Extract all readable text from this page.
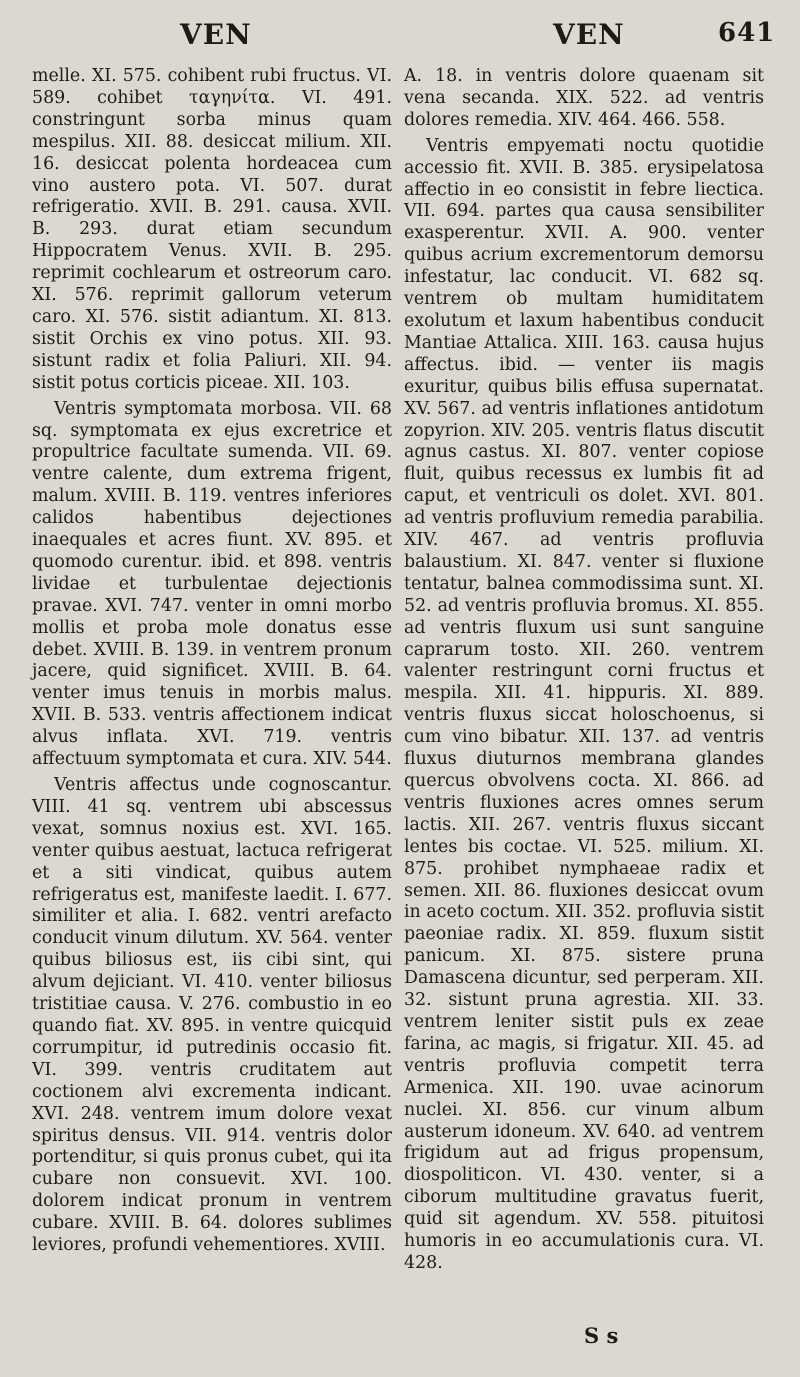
VEN	VEN	641

melle. XI. 575. cohibent rubi fructus. VI. 589. cohibet ταγηνίτα. VI. 491. constringunt sorba minus quam mespilus. XII. 88. desiccat milium. XII. 16. desiccat polenta hordeacea cum vino austero pota. VI. 507. durat refrigeratio. XVII. B. 291. causa. XVII. B. 293. durat etiam secundum Hippocratem Venus. XVII. B. 295. reprimit cochlearum et ostreorum caro. XI. 576. reprimit gallorum veterum caro. XI. 576. sistit adiantum. XI. 813. sistit Orchis ex vino potus. XII. 93. sistunt radix et folia Paliuri. XII. 94. sistit potus corticis piceae. XII. 103.

Ventris symptomata morbosa. VII. 68 sq. symptomata ex ejus excretrice et propultrice facultate sumenda. VII. 69. ventre calente, dum extrema frigent, malum. XVIII. B. 119. ventres inferiores calidos habentibus dejectiones inaequales et acres fiunt. XV. 895. et quomodo curentur. ibid. et 898. ventris lividae et turbulentae dejectionis pravae. XVI. 747. venter in omni morbo mollis et proba mole donatus esse debet. XVIII. B. 139. in ventrem pronum jacere, quid significet. XVIII. B. 64. venter imus tenuis in morbis malus. XVII. B. 533. ventris affectionem indicat alvus inflata. XVI. 719. ventris affectuum symptomata et cura. XIV. 544.

Ventris affectus unde cognoscantur. VIII. 41 sq. ventrem ubi abscessus vexat, somnus noxius est. XVI. 165. venter quibus aestuat, lactuca refrigerat et a siti vindicat, quibus autem refrigeratus est, manifeste laedit. I. 677. similiter et alia. I. 682. ventri arefacto conducit vinum dilutum. XV. 564. venter quibus biliosus est, iis cibi sint, qui alvum dejiciant. VI. 410. venter biliosus tristitiae causa. V. 276. combustio in eo quando fiat. XV. 895. in ventre quicquid corrumpitur, id putredinis occasio fit. VI. 399. ventris cruditatem aut coctionem alvi excrementa indicant. XVI. 248. ventrem imum dolore vexat spiritus densus. VII. 914. ventris dolor portenditur, si quis pronus cubet, qui ita cubare non consuevit. XVI. 100. dolorem indicat pronum in ventrem cubare. XVIII. B. 64. dolores sublimes leviores, profundi vehementiores. XVIII.

A. 18. in ventris dolore quaenam sit vena secanda. XIX. 522. ad ventris dolores remedia. XIV. 464. 466. 558.

Ventris empyemati noctu quotidie accessio fit. XVII. B. 385. erysipelatosa affectio in eo consistit in febre liectica. VII. 694. partes qua causa sensibiliter exasperentur. XVII. A. 900. venter quibus acrium excrementorum demorsu infestatur, lac conducit. VI. 682 sq. ventrem ob multam humiditatem exolutum et laxum habentibus conducit Mantiae Attalica. XIII. 163. causa hujus affectus. ibid. — venter iis magis exuritur, quibus bilis effusa supernatat. XV. 567. ad ventris inflationes antidotum zopyrion. XIV. 205. ventris flatus discutit agnus castus. XI. 807. venter copiose fluit, quibus recessus ex lumbis fit ad caput, et ventriculi os dolet. XVI. 801. ad ventris profluvium remedia parabilia. XIV. 467. ad ventris profluvia balaustium. XI. 847. venter si fluxione tentatur, balnea commodissima sunt. XI. 52. ad ventris profluvia bromus. XI. 855. ad ventris fluxum usi sunt sanguine caprarum tosto. XII. 260. ventrem valenter restringunt corni fructus et mespila. XII. 41. hippuris. XI. 889. ventris fluxus siccat holoschoenus, si cum vino bibatur. XII. 137. ad ventris fluxus diuturnos membrana glandes quercus obvolvens cocta. XI. 866. ad ventris fluxiones acres omnes serum lactis. XII. 267. ventris fluxus siccant lentes bis coctae. VI. 525. milium. XI. 875. prohibet nymphaeae radix et semen. XII. 86. fluxiones desiccat ovum in aceto coctum. XII. 352. profluvia sistit paeoniae radix. XI. 859. fluxum sistit panicum. XI. 875. sistere pruna Damascena dicuntur, sed perperam. XII. 32. sistunt pruna agrestia. XII. 33. ventrem leniter sistit puls ex zeae farina, ac magis, si frigatur. XII. 45. ad ventris profluvia competit terra Armenica. XII. 190. uvae acinorum nuclei. XI. 856. cur vinum album austerum idoneum. XV. 640. ad ventrem frigidum aut ad frigus propensum, diospoliticon. VI. 430. venter, si a ciborum multitudine gravatus fuerit, quid sit agendum. XV. 558. pituitosi humoris in eo accumulationis cura. VI. 428.

S s
